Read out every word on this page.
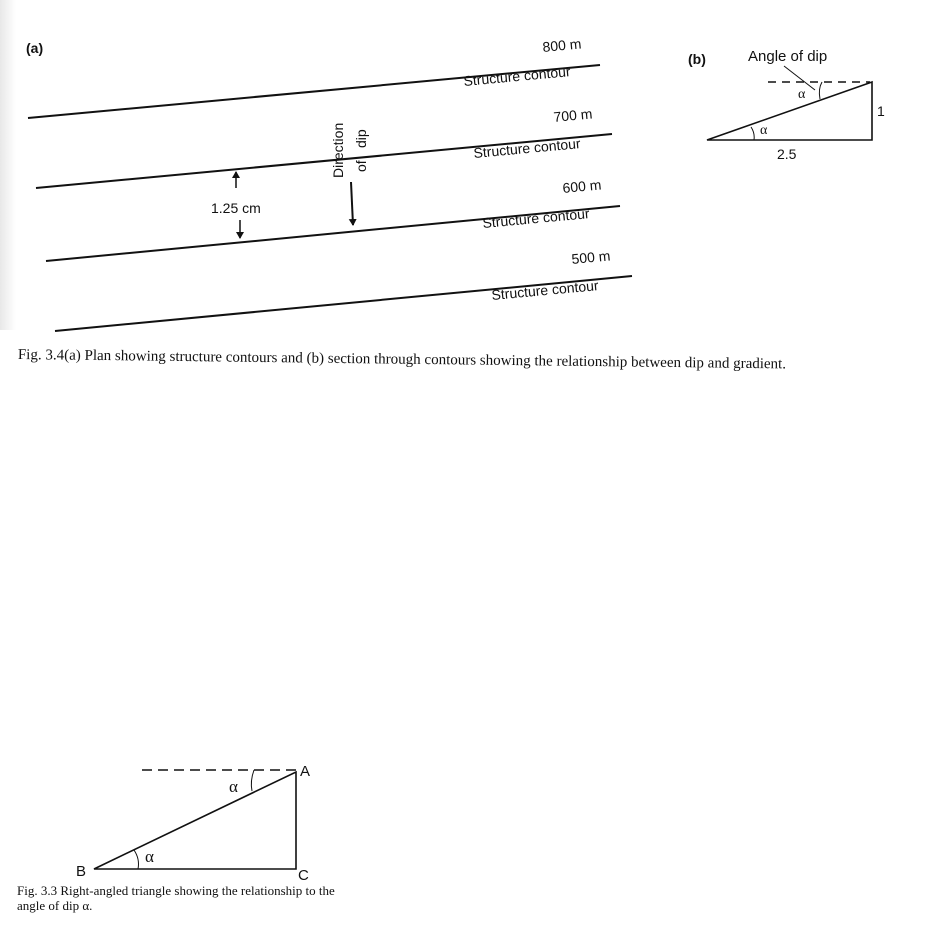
(a)	800 m
Structure contour
700 m
Structure contour
600 m
Structure contour
500 m
Structure contour
1.25 cm
Direction of
dip
(b)	Angle of dip
α
α
2.5
1
α
α
A
B	C
Fig. 3.4(a) Plan showing structure contours and (b) section through contours showing the relationship between dip and gradient.
Fig. 3.3 Right-angled triangle showing the relationship to the
angle of dip α.
